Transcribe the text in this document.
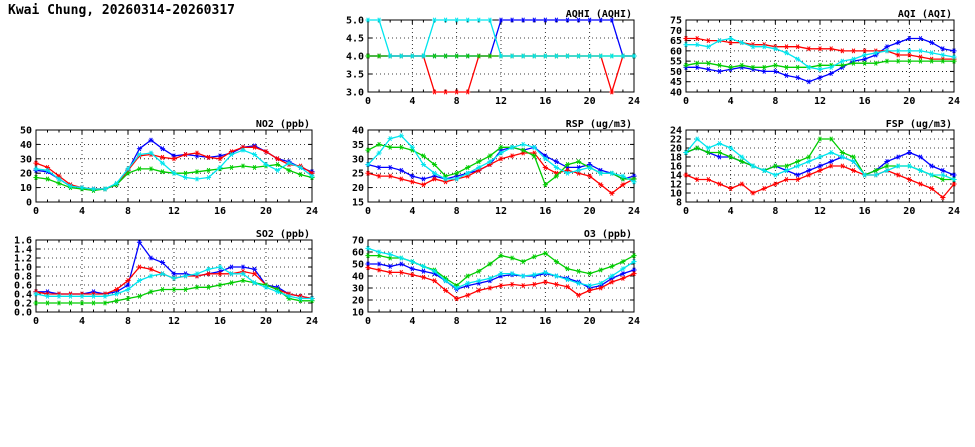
Kwai Chung, 20260314-20260317
0
10
20
30
40
50
0	4	8	12	16	20	24
NO2 (ppb)
0.0
0.2
0.4
0.6
0.8
1.0
1.2
1.4
1.6
0	4	8	12	16	20	24
SO2 (ppb)
3.0
3.5
4.0
4.5
5.0
0	4	8	12	16	20	24
AQHI (AQHI)
15
20
25
30
35
40
0	4	8	12	16	20	24
RSP (ug/m3)
10
20
30
40
50
60
70
0	4	8	12	16	20	24
O3 (ppb)
40
45
50
55
60
65
70
75
0	4	8	12	16	20	24
AQI (AQI)
8
10
12
14
16
18
20
22
24
0	4	8	12	16	20	24
FSP (ug/m3)
